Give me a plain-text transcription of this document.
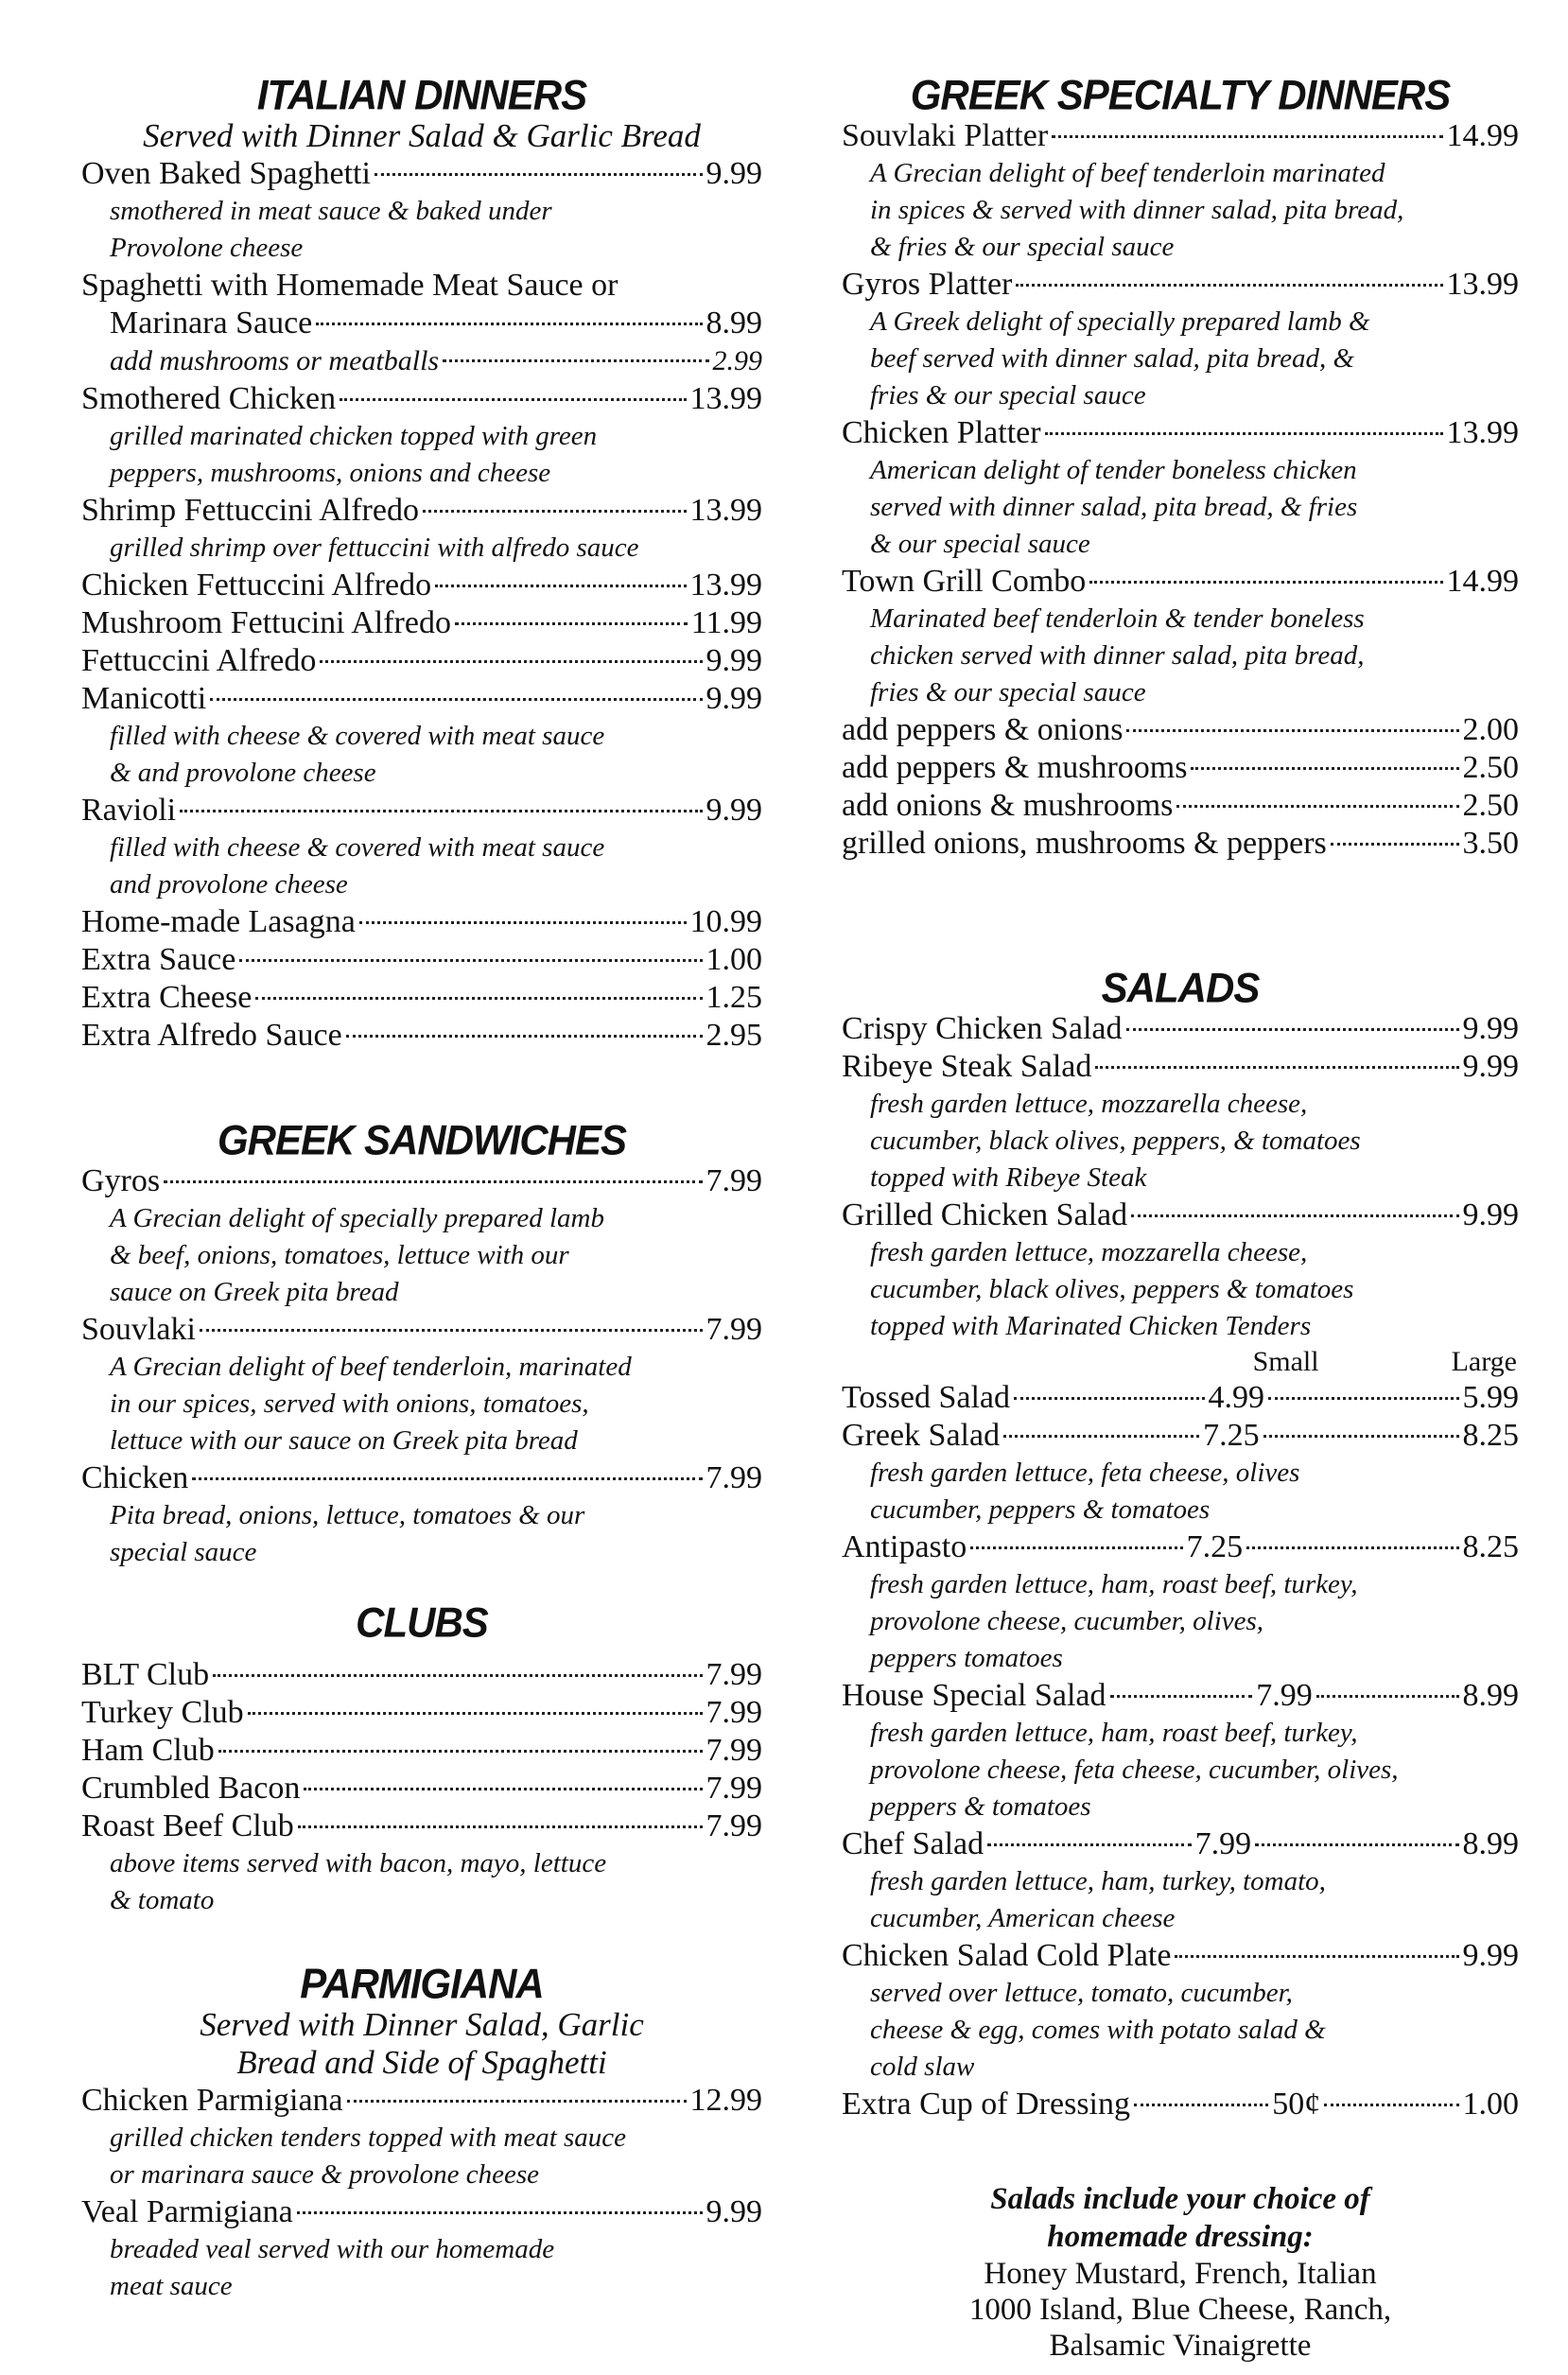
ITALIAN DINNERS
Served with Dinner Salad & Garlic Bread
Oven Baked Spaghetti	9.99
smothered in meat sauce & baked under
Provolone cheese
Spaghetti with Homemade Meat Sauce or
Marinara Sauce	8.99
add mushrooms or meatballs	2.99
Smothered Chicken	13.99
grilled marinated chicken topped with green
peppers, mushrooms, onions and cheese
Shrimp Fettuccini Alfredo	13.99
grilled shrimp over fettuccini with alfredo sauce
Chicken Fettuccini Alfredo	13.99
Mushroom Fettucini Alfredo	11.99
Fettuccini Alfredo	9.99
Manicotti	9.99
filled with cheese & covered with meat sauce
& and provolone cheese
Ravioli	9.99
filled with cheese & covered with meat sauce
and provolone cheese
Home-made Lasagna	10.99
Extra Sauce	1.00
Extra Cheese	1.25
Extra Alfredo Sauce	2.95
GREEK SANDWICHES
Gyros	7.99
A Grecian delight of specially prepared lamb
& beef, onions, tomatoes, lettuce with our
sauce on Greek pita bread
Souvlaki	7.99
A Grecian delight of beef tenderloin, marinated
in our spices, served with onions, tomatoes,
lettuce with our sauce on Greek pita bread
Chicken	7.99
Pita bread, onions, lettuce, tomatoes & our
special sauce
CLUBS
BLT Club	7.99
Turkey Club	7.99
Ham Club	7.99
Crumbled Bacon	7.99
Roast Beef Club	7.99
above items served with bacon, mayo, lettuce
& tomato
PARMIGIANA
Served with Dinner Salad, Garlic
Bread and Side of Spaghetti
Chicken Parmigiana	12.99
grilled chicken tenders topped with meat sauce
or marinara sauce & provolone cheese
Veal Parmigiana	9.99
breaded veal served with our homemade
meat sauce
GREEK SPECIALTY DINNERS
Souvlaki Platter	14.99
A Grecian delight of beef tenderloin marinated
in spices & served with dinner salad, pita bread,
& fries & our special sauce
Gyros Platter	13.99
A Greek delight of specially prepared lamb &
beef served with dinner salad, pita bread, &
fries & our special sauce
Chicken Platter	13.99
American delight of tender boneless chicken
served with dinner salad, pita bread, & fries
& our special sauce
Town Grill Combo	14.99
Marinated beef tenderloin & tender boneless
chicken served with dinner salad, pita bread,
fries & our special sauce
add peppers & onions	2.00
add peppers & mushrooms	2.50
add onions & mushrooms	2.50
grilled onions, mushrooms & peppers	3.50
SALADS
Crispy Chicken Salad	9.99
Ribeye Steak Salad	9.99
fresh garden lettuce, mozzarella cheese,
cucumber, black olives, peppers, & tomatoes
topped with Ribeye Steak
Grilled Chicken Salad	9.99
fresh garden lettuce, mozzarella cheese,
cucumber, black olives, peppers & tomatoes
topped with Marinated Chicken Tenders
Small	Large
Tossed Salad	4.99	5.99
Greek Salad	7.25	8.25
fresh garden lettuce, feta cheese, olives
cucumber, peppers & tomatoes
Antipasto	7.25	8.25
fresh garden lettuce, ham, roast beef, turkey,
provolone cheese, cucumber, olives,
peppers tomatoes
House Special Salad	7.99	8.99
fresh garden lettuce, ham, roast beef, turkey,
provolone cheese, feta cheese, cucumber, olives,
peppers & tomatoes
Chef Salad	7.99	8.99
fresh garden lettuce, ham, turkey, tomato,
cucumber, American cheese
Chicken Salad Cold Plate	9.99
served over lettuce, tomato, cucumber,
cheese & egg, comes with potato salad &
cold slaw
Extra Cup of Dressing	50¢	1.00
Salads include your choice of
homemade dressing:
Honey Mustard, French, Italian
1000 Island, Blue Cheese, Ranch,
Balsamic Vinaigrette
